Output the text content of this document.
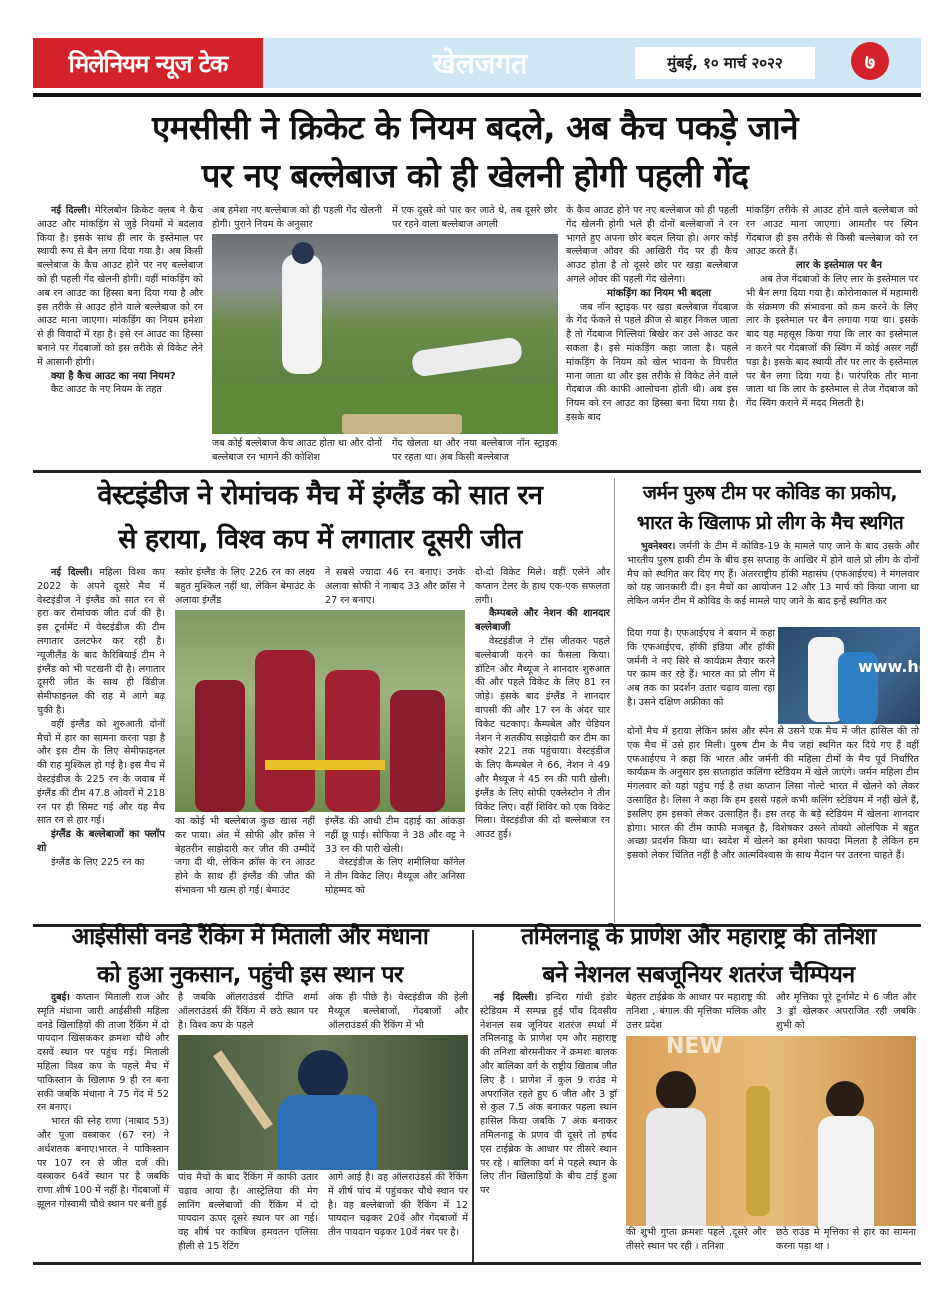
मिलेनियम न्यूज टेक	खेलजगत	मुंबई, १० मार्च २०२२	७
एमसीसी ने क्रिकेट के नियम बदले, अब कैच पकड़े जाने
पर नए बल्लेबाज को ही खेलनी होगी पहली गेंद

नई दिल्ली। मेरिलबोन क्रिकेट क्लब ने कैच आउट और मांकड़िंग से जुड़े नियमों में बदलाव किया है। इसके साथ ही लार के इस्तेमाल पर स्थायी रूप से बैन लगा दिया गया है। अब किसी बल्लेबाज के कैच आउट होने पर नए बल्लेबाज को ही पहली गेंद खेलनी होगी। वहीं मांकड़िंग को अब रन आउट का हिस्सा बना दिया गया है और इस तरीके से आउट होने वाले बल्लेबाज को रन आउट माना जाएगा। मांकड़िंग का नियम हमेशा से ही विवादों में रहा है। इसे रन आउट का हिस्सा बनाने पर गेंदबाजों को इस तरीके से विकेट लेने में आसानी होगी।

क्या है कैच आउट का नया नियम?

कैट आउट के नए नियम के तहत

अब हमेशा नए बल्लेबाज को ही पहली गेंद खेलनी होगी। पुराने नियम के अनुसार
में एक दूसरे को पार कर जाते थे, तब दूसरे छोर पर रहने वाला बल्लेबाज अगली
जब कोई बल्लेबाज कैच आउट होता था और दोनों बल्लेबाज रन भागने की कोशिश
गेंद खेलता था और नया बल्लेबाज नॉन स्ट्राइक पर रहता था। अब किसी बल्लेबाज

के कैच आउट होने पर नए बल्लेबाज को ही पहली गेंद खेलनी होगी भले ही दोनों बल्लेबाजों ने रन भागते हुए अपना छोर बदल लिया हो। अगर कोई बल्लेबाज ओवर की आखिरी गेंद पर ही कैच आउट होता है तो दूसरे छोर पर खड़ा बल्लेबाज अगले ओवर की पहली गेंद खेलेगा।

मांकड़िंग का नियम भी बदला

जब नॉन स्ट्राइक पर खड़ा बल्लेबाज गेंदबाज के गेंद फेंकने से पहले क्रीज से बाहर निकल जाता है तो गेंदबाज गिल्लियां बिखेर कर उसे आउट कर सकता है। इसे मांकड़िंग कहा जाता है। पहले मांकड़िंग के नियम को खेल भावना के विपरीत माना जाता था और इस तरीके से विकेट लेने वाले गेंदबाज की काफी आलोचना होती थी। अब इस नियम को रन आउट का हिस्सा बना दिया गया है। इसके बाद

मांकड़िंग तरीके से आउट होने वाले बल्लेबाज को रन आउट माना जाएगा। आमतौर पर स्पिन गेंदबाज ही इस तरीके से किसी बल्लेबाज को रन आउट करते हैं।

लार के इस्तेमाल पर बैन

अब तेज गेंदबाजों के लिए लार के इस्तेमाल पर भी बैन लगा दिया गया है। कोरोनाकाल में महामारी के संक्रमण की संभावना को कम करने के लिए लार के इस्तेमाल पर बैन लगाया गया था। इसके बाद यह महसूस किया गया कि लार का इस्तेमाल न करने पर गेंदबाजों की स्विंग में कोई असर नहीं पड़ा है। इसके बाद स्थायी तौर पर लार के इस्तेमाल पर बैन लगा दिया गया है। पारंपरिक तौर माना जाता था कि लार के इस्तेमाल से तेज गेंदबाज को गेंद स्विंग कराने में मदद मिलती है।

वेस्टइंडीज ने रोमांचक मैच में इंग्लैंड को सात रन
से हराया, विश्व कप में लगातार दूसरी जीत

नई दिल्ली। महिला विश्व कप 2022 के अपने दूसरे मैच में वेस्टइंडीज ने इंग्लैंड को सात रन से हरा कर रोमांचक जीत दर्ज की है। इस टूर्नामेंट में वेस्टइंडीज की टीम लगातार उलटफेर कर रही है। न्यूजीलैंड के बाद कैरिबियाई टीम ने इंग्लैंड को भी पटखनी दी है। लगातार दूसरी जीत के साथ ही विंडीज सेमीफाइनल की राह में आगे बढ़ चुकी है।

वहीं इंग्लैंड को शुरुआती दोनों मैचों में हार का सामना करना पड़ा है और इस टीम के लिए सेमीफाइनल की राह मुश्किल हो गई है। इस मैच में वेस्टइंडीज के 225 रन के जवाब में इंग्लैंड की टीम 47.8 ओवरों में 218 रन पर ही सिमट गई और यह मैच सात रन से हार गई।

इंग्लैंड के बल्लेबाजों का फ्लॉप शो

इंग्लैंड के लिए 225 रन का

स्कोर इंग्लैंड के लिए 226 रन का लक्ष्य बहुत मुश्किल नहीं था, लेकिन बेमाउंट के अलावा इंग्लैंड
ने सबसे ज्यादा 46 रन बनाए। उनके अलावा सोफी ने नाबाद 33 और क्रॉस ने 27 रन बनाए।
का कोई भी बल्लेबाज कुछ खास नहीं कर पाया। अंत में सोफी और क्रॉस ने बेहतरीन साझेदारी कर जीत की उम्मीदें जगा दी थी, लेकिन क्रॉस के रन आउट होने के साथ ही इंग्लैंड की जीत की संभावना भी खत्म हो गई। बेमाउंट

इंग्लैंड की आधी टीम दहाई का आंकड़ा नहीं छू पाई। सोफिया ने 38 और वट्ट ने 33 रन की पारी खेली।

वेस्टइंडीज के लिए शमीलिया कॉनेल ने तीन विकेट लिए। मैथ्यूज और अनिसा मोहम्मद को

दो-दो विकेट मिले। वहीं एलेने और कप्तान टेलर के हाथ एक-एक सफलता लगी।

कैम्पबले और नेशन की शानदार बल्लेबाजी

वेस्टइंडीज ने टॉस जीतकर पहले बल्लेबाजी करने का फैसला किया। डॉटिन और मैथ्यूज ने शानदार शुरुआत की और पहले विकेट के लिए 81 रन जोड़े। इसके बाद इंग्लैंड ने शानदार वापसी की और 17 रन के अंदर चार विकेट चटकाए। कैम्पबेल और चेडियन नेशन ने शतकीय साझेदारी कर टीम का स्कोर 221 तक पहुंचाया। वेस्टइंडीज के लिए कैम्पबेल ने 66, नेशन ने 49 और मैथ्यूज ने 45 रन की पारी खेली। इंग्लैंड के लिए सोफी एक्लेस्टोन ने तीन विकेट लिए। वहीं शिविर को एक विकेट मिला। वेस्टइंडीज की दो बल्लेबाज रन आउट हुईं।

जर्मन पुरुष टीम पर कोविड का प्रकोप,
भारत के खिलाफ प्रो लीग के मैच स्थगित

भुवनेश्वर। जर्मनी के टीम में कोविड-19 के मामले पाए जाने के बाद उसके और भारतीय पुरुष हाकी टीम के बीच इस सप्ताह के आखिर में होने वाले प्रो लीग के दोनों मैच को स्थगित कर दिए गए हैं। अंतरराष्ट्रीय हॉकी महासंघ (एफआईएच) ने मंगलवार को यह जानकारी दी। इन मैचों का आयोजन 12 और 13 मार्च को किया जाना था लेकिन जर्मन टीम में कोविड के कई मामले पाए जाने के बाद इन्हें स्थगित कर

दिया गया है। एफआईएच ने बयान में कहा कि एफआईएच, हॉकी इंडिया और हॉकी जर्मनी ने नए सिरे से कार्यक्रम तैयार करने पर काम कर रहे हैं। भारत का प्रो लीग में अब तक का प्रदर्शन उतार चढ़ाव वाला रहा है। उसने दक्षिण अफ्रीका को
www.hoc
दोनों मैच में हराया लेकिन फ्रांस और स्पेन से उसने एक मैच में जीत हासिल की तो एक मैच में उसे हार मिली। पुरुष टीम के मैच जहां स्थगित कर दिये गए हैं वहीं एफआईएच ने कहा कि भारत और जर्मनी की महिला टीमों के मैच पूर्व निर्धारित कार्यक्रम के अनुसार इस सप्ताहांत कलिंगा स्टेडियम में खेले जाएंगे। जर्मन महिला टीम मंगलवार को यहां पहुंच गई है तथा कप्तान लिसा नोल्टे भारत में खेलने को लेकर उत्साहित है। लिसा ने कहा कि हम इससे पहले कभी कलिंग स्टेडियम में नहीं खेले हैं, इसलिए हम इसको लेकर उत्साहित हैं। इस तरह के बड़े स्टेडियम में खेलना शानदार होगा। भारत की टीम काफी मजबूत है, विशेषकर उसने तोक्यो ओलंपिक में बहुत अच्छा प्रदर्शन किया था। स्वदेश में खेलने का हमेशा फायदा मिलता है लेकिन हम इसको लेकर चिंतित नहीं है और आत्मविश्वास के साथ मैदान पर उतरना चाहते हैं।
आईसीसी वनडे रैंकिंग में मिताली और मंधाना
को हुआ नुकसान, पहुंची इस स्थान पर

दुबई। कप्तान मिताली राज और स्मृति मंधाना जारी आईसीसी महिला वनडे खिलाड़ियों की ताजा रैंकिंग में दो पायदान खिसककर क्रमशः चौथे और दसवें स्थान पर पहुंच गई। मिताली महिला विश्व कप के पहले मैच में पाकिस्तान के खिलाफ 9 ही रन बना सकी जबकि मंधाना ने 75 गेंद में 52 रन बनाए।

भारत की स्नेह राणा (नाबाद 53) और पूजा वस्त्राकर (67 रन) ने अर्धशतक बनाए।भारत ने पाकिस्तान पर 107 रन से जीत दर्ज की। वस्त्राकर 64वें स्थान पर है जबकि राणा शीर्ष 100 में नहीं है। गेंदबाजों में झूलन गोस्वामी चौथे स्थान पर बनी हुई

है जबकि ऑलराउंडर्स दीप्ति शर्मा ऑलराउंडर्स की रैंकिंग में छठे स्थान पर है। विश्व कप के पहले
अंक ही पीछे है। वेस्टइंडीज की हेली मैथ्यूज बल्लेबाजों, गेंदबाजों और ऑलराउंडर्स की रैंकिंग में भी
पांच मैचों के बाद रैंकिंग में काफी उतार चढ़ाव आया है। आस्ट्रेलिया की मेग लानिंग बल्लेबाजों की रैंकिंग में दो पायदान ऊपर दूसरे स्थान पर आ गई। वह शीर्ष पर काबिज हमवतन एलिसा हीली से 15 रेटिंग
आगे आई है। वह ऑलराउंडर्स की रैंकिंग में शीर्ष पांच में पहुंचकर चौथे स्थान पर है। वह बल्लेबाजों की रैंकिंग में 12 पायदान चढ़कर 20वें और गेंदबाजों में तीन पायदान चढ़कर 10वें नंबर पर है।
तमिलनाडू के प्राणेश और महाराष्ट्र की तनिशा
बने नेशनल सबजूनियर शतरंज चैम्पियन

नई दिल्ली। इन्दिरा गांधी इंडोर स्टेडियम में सम्पन्न हुई पाँच दिवसीय नेशनल सब जूनियर शतरंज स्पर्धा में तमिलनाडू के प्राणेश एम और महाराष्ट्र की तनिशा बोरमनीकर नें क्रमशः बालक और बालिका वर्ग के राष्ट्रीय खिताब जीत लिए है । प्राणेश नें कुल 9 राउंड मे अपराजित रहते हुए 6 जीत और 3 ड्रॉ से कुल 7.5 अंक बनाकर पहला स्थान हासिल किया जबकि 7 अंक बनाकर तमिलनाडू के प्रणव वी दूसरे तो हर्षद एस टाईब्रेक के आधार पर तीसरे स्थान पर रहे । बालिका वर्ग मे पहले स्थान के लिए तीन खिलाड़ियों के बीच टाई हुआ पर

बेहतर टाईब्रेक के आधार पर महाराष्ट्र की तनिशा , बंगाल की मृत्तिका मलिक और उत्तर प्रदेश
और मृत्तिका पूरे टूर्नामेंट मे 6 जीत और 3 ड्रॉ खेलकर अपराजित रही जबकि शुभी को
NEW
की शुभी गुप्ता क्रमशः पहले ,दूसरे और तीसरे स्थान पर रही । तनिशा
छठे राउंड मे मृत्तिका से हार का सामना करना पड़ा था ।
